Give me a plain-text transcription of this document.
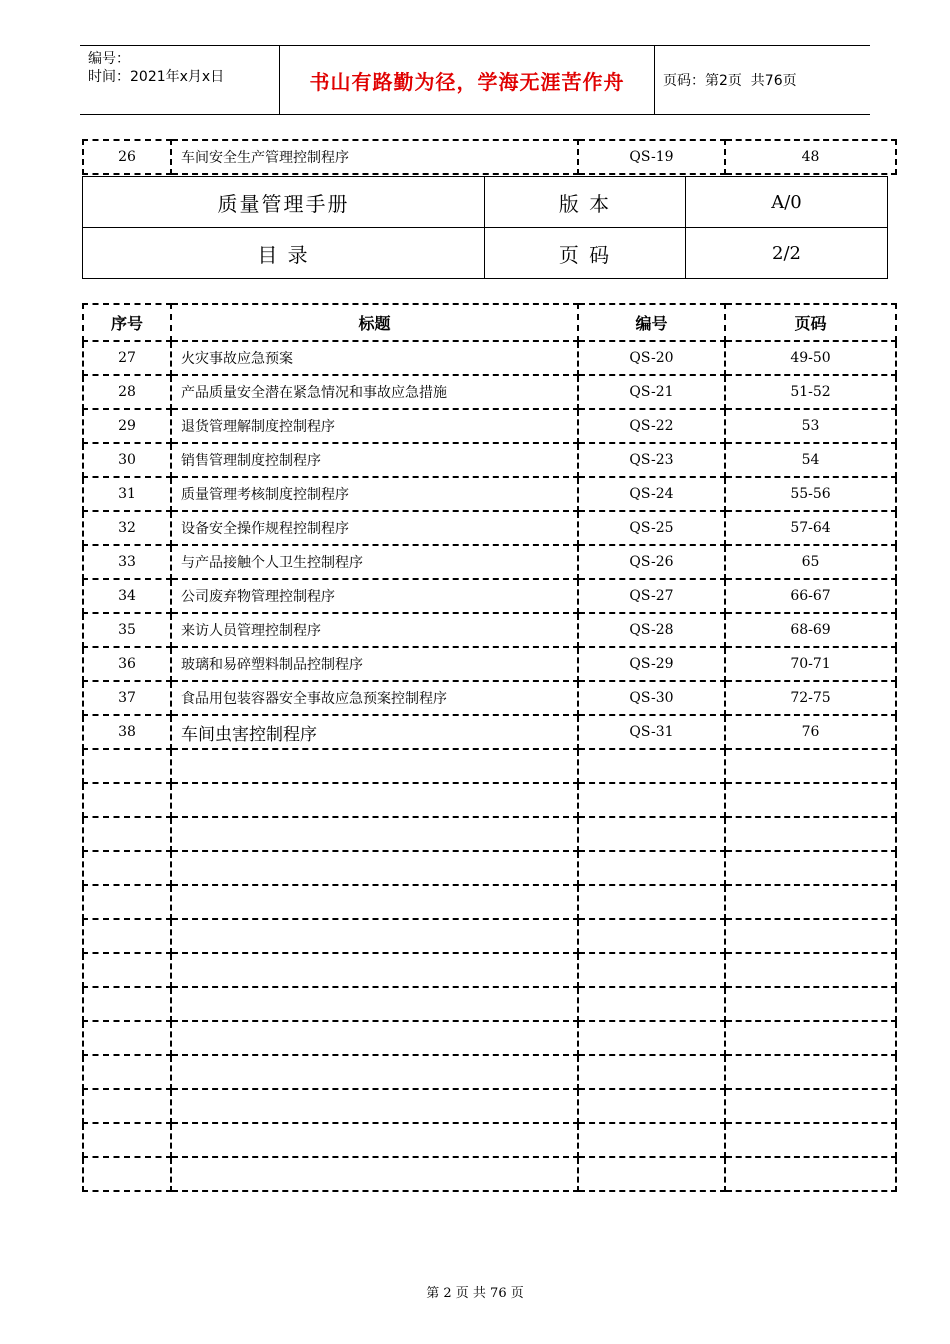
编号：
时间：2021年x月x日	书山有路勤为径，学海无涯苦作舟	页码：第2页  共76页
26	车间安全生产管理控制程序	QS-19	48
质量管理手册	版 本	A/0
目 录	页 码	2/2
序号	标题	编号	页码
27	火灾事故应急预案	QS-20	49-50
28	产品质量安全潜在紧急情况和事故应急措施	QS-21	51-52
29	退货管理解制度控制程序	QS-22	53
30	销售管理制度控制程序	QS-23	54
31	质量管理考核制度控制程序	QS-24	55-56
32	设备安全操作规程控制程序	QS-25	57-64
33	与产品接触个人卫生控制程序	QS-26	65
34	公司废弃物管理控制程序	QS-27	66-67
35	来访人员管理控制程序	QS-28	68-69
36	玻璃和易碎塑料制品控制程序	QS-29	70-71
37	食品用包装容器安全事故应急预案控制程序	QS-30	72-75
38	车间虫害控制程序	QS-31	76

第 2 页 共 76 页
